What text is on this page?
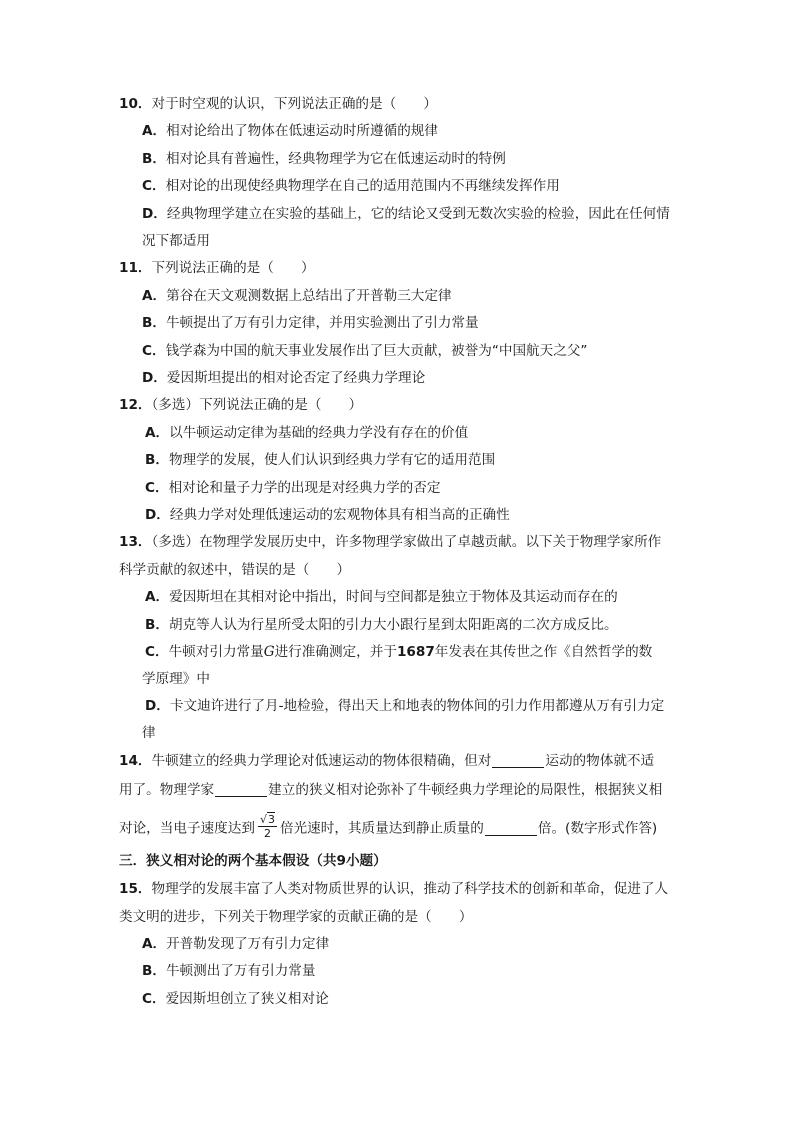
10．对于时空观的认识，下列说法正确的是（　　）
A．相对论给出了物体在低速运动时所遵循的规律
B．相对论具有普遍性，经典物理学为它在低速运动时的特例
C．相对论的出现使经典物理学在自己的适用范围内不再继续发挥作用
D．经典物理学建立在实验的基础上，它的结论又受到无数次实验的检验，因此在任何情
况下都适用
11．下列说法正确的是（　　）
A．第谷在天文观测数据上总结出了开普勒三大定律
B．牛顿提出了万有引力定律，并用实验测出了引力常量
C．钱学森为中国的航天事业发展作出了巨大贡献，被誉为“中国航天之父”
D．爱因斯坦提出的相对论否定了经典力学理论
12．（多选）下列说法正确的是（　　）
A．以牛顿运动定律为基础的经典力学没有存在的价值
B．物理学的发展，使人们认识到经典力学有它的适用范围
C．相对论和量子力学的出现是对经典力学的否定
D．经典力学对处理低速运动的宏观物体具有相当高的正确性
13．（多选）在物理学发展历史中，许多物理学家做出了卓越贡献。以下关于物理学家所作
科学贡献的叙述中，错误的是（　　）
A．爱因斯坦在其相对论中指出，时间与空间都是独立于物体及其运动而存在的
B．胡克等人认为行星所受太阳的引力大小跟行星到太阳距离的二次方成反比。
C．牛顿对引力常量G进行准确测定，并于1687年发表在其传世之作《自然哲学的数
学原理》中
D．卡文迪许进行了月-地检验，得出天上和地表的物体间的引力作用都遵从万有引力定
律
14．牛顿建立的经典力学理论对低速运动的物体很精确，但对	运动的物体就不适
用了。物理学家	建立的狭义相对论弥补了牛顿经典力学理论的局限性，根据狭义相
对论，当电子速度达到 $\frac{√3}{2}$ 倍光速时，其质量达到静止质量的	倍。(数字形式作答)
三．狭义相对论的两个基本假设（共9小题）
15．物理学的发展丰富了人类对物质世界的认识，推动了科学技术的创新和革命，促进了人
类文明的进步，下列关于物理学家的贡献正确的是（　　）
A．开普勒发现了万有引力定律
B．牛顿测出了万有引力常量
C．爱因斯坦创立了狭义相对论
